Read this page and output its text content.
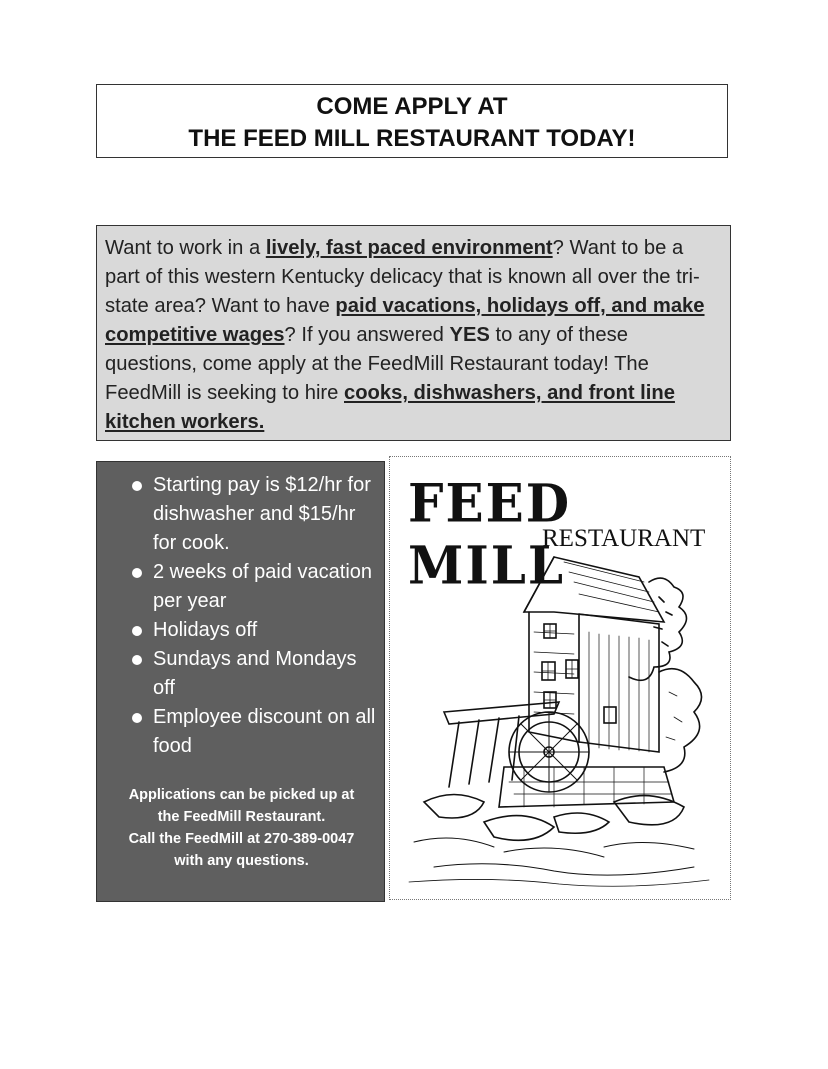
COME APPLY AT
THE FEED MILL RESTAURANT TODAY!
Want to work in a lively, fast paced environment? Want to be a part of this western Kentucky delicacy that is known all over the tri-state area? Want to have paid vacations, holidays off, and make competitive wages? If you answered YES to any of these questions, come apply at the FeedMill Restaurant today! The FeedMill is seeking to hire cooks, dishwashers, and front line kitchen workers.
Starting pay is $12/hr for dishwasher and $15/hr for cook.
2 weeks of paid vacation per year
Holidays off
Sundays and Mondays off
Employee discount on all food
Applications can be picked up at
the FeedMill Restaurant.
Call the FeedMill at 270-389-0047
with any questions.
FEED MILL
RESTAURANT
